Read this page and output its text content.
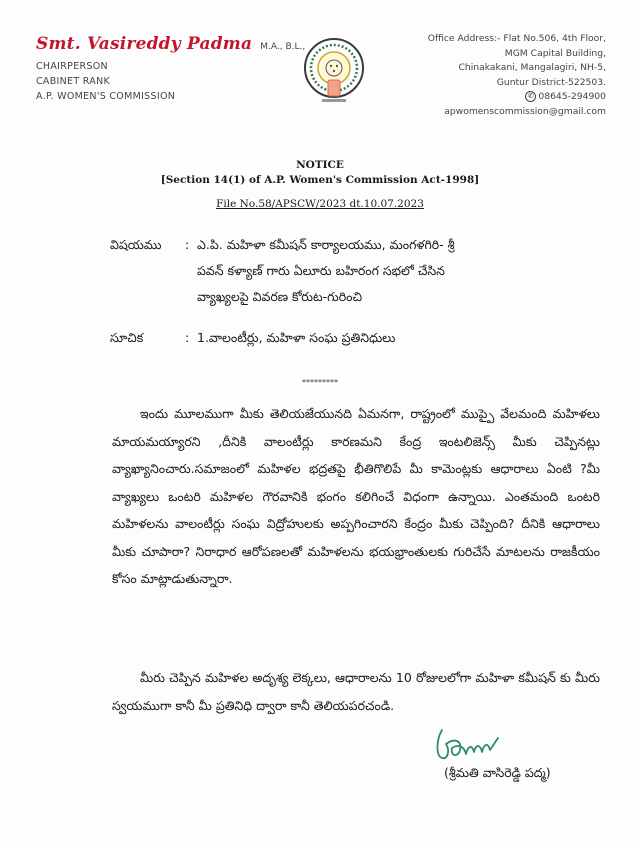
Smt. Vasireddy Padma M.A., B.L.,
CHAIRPERSON
CABINET RANK
A.P. WOMEN'S COMMISSION
Office Address:- Flat No.506, 4th Floor,
MGM Capital Building,
Chinakakani, Mangalagiri, NH-5,
Guntur District-522503.
✆ 08645-294900
apwomenscommission@gmail.com
NOTICE
[Section 14(1) of A.P. Women's Commission Act-1998]
File No.58/APSCW/2023 dt.10.07.2023
విషయము	: ఎ.పి. మహిళా కమీషన్ కార్యాలయము, మంగళగిరి- శ్రీ
పవన్ కళ్యాణ్ గారు ఏలూరు బహిరంగ సభలో చేసిన
వ్యాఖ్యలపై వివరణ కోరుట-గురించి
సూచిక	: 1.వాలంటీర్లు, మహిళా సంఘ ప్రతినిధులు
*********
ఇందు మూలముగా మీకు తెలియజేయునది ఏమనగా, రాష్ట్రంలో ముప్పై వేలమంది మహిళలు మాయమయ్యారని ,దీనికి వాలంటీర్లు కారణమని కేంద్ర ఇంటలిజెన్స్ మీకు చెప్పినట్లు వ్యాఖ్యానించారు.సమాజంలో మహిళల భద్రతపై భీతిగొలిపే మీ కామెంట్లకు ఆధారాలు ఏంటి ?మీ వ్యాఖ్యలు ఒంటరి మహిళల గౌరవానికి భంగం కలిగించే విధంగా ఉన్నాయి. ఎంతమంది ఒంటరి మహిళలను వాలంటీర్లు సంఘ విద్రోహులకు అప్పగించారని కేంద్రం మీకు చెప్పింది? దీనికి ఆధారాలు మీకు చూపారా? నిరాధార ఆరోపణలతో మహిళలను భయభ్రాంతులకు గురిచేసే మాటలను రాజకీయం కోసం మాట్లాడుతున్నారా.
మీరు చెప్పిన మహిళల అదృశ్య లెక్కలు, ఆధారాలను 10 రోజులలోగా మహిళా కమీషన్ కు మీరు స్వయముగా కానీ మీ ప్రతినిధి ద్వారా కానీ తెలియపరచండి.
(శ్రీమతి వాసిరెడ్డి పద్మ)
